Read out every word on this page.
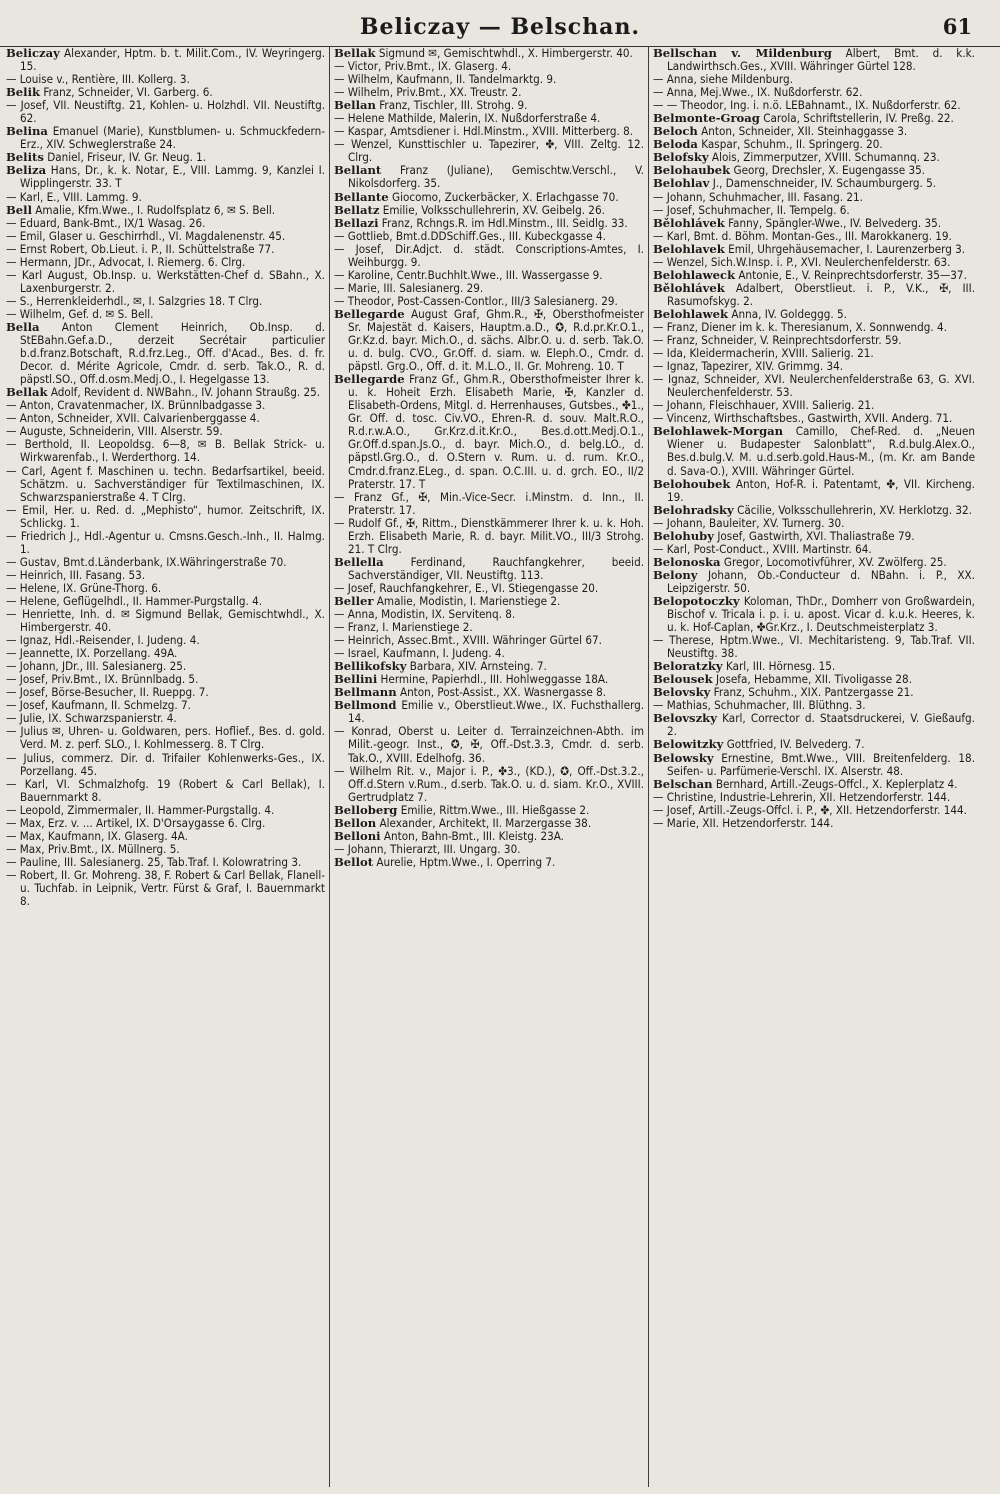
Beliczay — Belschan.	61

Beliczay Alexander, Hptm. b. t. Milit.Com., IV. Weyringerg. 15.

— Louise v., Rentière, III. Kollerg. 3.

Belik Franz, Schneider, VI. Garberg. 6.

— Josef, VII. Neustiftg. 21, Kohlen- u. Holzhdl. VII. Neustiftg. 62.

Belina Emanuel (Marie), Kunstblumen- u. Schmuckfedern-Erz., XIV. Schweglerstraße 24.

Belits Daniel, Friseur, IV. Gr. Neug. 1.

Beliza Hans, Dr., k. k. Notar, E., VIII. Lammg. 9, Kanzlei I. Wipplingerstr. 33. T

— Karl, E., VIII. Lammg. 9.

Bell Amalie, Kfm.Wwe., I. Rudolfsplatz 6, ✉ S. Bell.

— Eduard, Bank-Bmt., IX/1 Wasag. 26.

— Emil, Glaser u. Geschirrhdl., VI. Magdalenenstr. 45.

— Ernst Robert, Ob.Lieut. i. P., II. Schüttelstraße 77.

— Hermann, JDr., Advocat, I. Riemerg. 6. Clrg.

— Karl August, Ob.Insp. u. Werkstätten-Chef d. SBahn., X. Laxenburgerstr. 2.

— S., Herrenkleiderhdl., ✉, I. Salzgries 18. T Clrg.

— Wilhelm, Gef. d. ✉ S. Bell.

Bella Anton Clement Heinrich, Ob.Insp. d. StEBahn.Gef.a.D., derzeit Secrétair particulier b.d.franz.Botschaft, R.d.frz.Leg., Off. d'Acad., Bes. d. fr. Decor. d. Mérite Agricole, Cmdr. d. serb. Tak.O., R. d. päpstl.SO., Off.d.osm.Medj.O., I. Hegelgasse 13.

Bellak Adolf, Revident d. NWBahn., IV. Johann Straußg. 25.

— Anton, Cravatenmacher, IX. Brünnlbadgasse 3.

— Anton, Schneider, XVII. Calvarienberggasse 4.

— Auguste, Schneiderin, VIII. Alserstr. 59.

— Berthold, II. Leopoldsg. 6—8, ✉ B. Bellak Strick- u. Wirkwarenfab., I. Werderthorg. 14.

— Carl, Agent f. Maschinen u. techn. Bedarfsartikel, beeid. Schätzm. u. Sachverständiger für Textilmaschinen, IX. Schwarzspanierstraße 4. T Clrg.

— Emil, Her. u. Red. d. „Mephisto“, humor. Zeitschrift, IX. Schlickg. 1.

— Friedrich J., Hdl.-Agentur u. Cmsns.Gesch.-Inh., II. Halmg. 1.

— Gustav, Bmt.d.Länderbank, IX.Währingerstraße 70.

— Heinrich, III. Fasang. 53.

— Helene, IX. Grüne-Thorg. 6.

— Helene, Geflügelhdl., II. Hammer-Purgstallg. 4.

— Henriette, Inh. d. ✉ Sigmund Bellak, Gemischtwhdl., X. Himbergerstr. 40.

— Ignaz, Hdl.-Reisender, I. Judeng. 4.

— Jeannette, IX. Porzellang. 49A.

— Johann, JDr., III. Salesianerg. 25.

— Josef, Priv.Bmt., IX. Brünnlbadg. 5.

— Josef, Börse-Besucher, II. Rueppg. 7.

— Josef, Kaufmann, II. Schmelzg. 7.

— Julie, IX. Schwarzspanierstr. 4.

— Julius ✉, Uhren- u. Goldwaren, pers. Hoflief., Bes. d. gold. Verd. M. z. perf. SLO., I. Kohlmesserg. 8. T Clrg.

— Julius, commerz. Dir. d. Trifailer Kohlenwerks-Ges., IX. Porzellang. 45.

— Karl, VI. Schmalzhofg. 19 (Robert & Carl Bellak), I. Bauernmarkt 8.

— Leopold, Zimmermaler, II. Hammer-Purgstallg. 4.

— Max, Erz. v. ... Artikel, IX. D'Orsaygasse 6. Clrg.

— Max, Kaufmann, IX. Glaserg. 4A.

— Max, Priv.Bmt., IX. Müllnerg. 5.

— Pauline, III. Salesianerg. 25, Tab.Traf. I. Kolowratring 3.

— Robert, II. Gr. Mohreng. 38, F. Robert & Carl Bellak, Flanell- u. Tuchfab. in Leipnik, Vertr. Fürst & Graf, I. Bauernmarkt 8.

Bellak Sigmund ✉, Gemischtwhdl., X. Himbergerstr. 40.

— Victor, Priv.Bmt., IX. Glaserg. 4.

— Wilhelm, Kaufmann, II. Tandelmarktg. 9.

— Wilhelm, Priv.Bmt., XX. Treustr. 2.

Bellan Franz, Tischler, III. Strohg. 9.

— Helene Mathilde, Malerin, IX. Nußdorferstraße 4.

— Kaspar, Amtsdiener i. Hdl.Minstm., XVIII. Mitterberg. 8.

— Wenzel, Kunsttischler u. Tapezirer, ✤, VIII. Zeltg. 12. Clrg.

Bellant Franz (Juliane), Gemischtw.Verschl., V. Nikolsdorferg. 35.

Bellante Giocomo, Zuckerbäcker, X. Erlachgasse 70.

Bellatz Emilie, Volksschullehrerin, XV. Geibelg. 26.

Bellazi Franz, Rchngs.R. im Hdl.Minstm., III. Seidlg. 33.

— Gottlieb, Bmt.d.DDSchiff.Ges., III. Kubeckgasse 4.

— Josef, Dir.Adjct. d. städt. Conscriptions-Amtes, I. Weihburgg. 9.

— Karoline, Centr.Buchhlt.Wwe., III. Wassergasse 9.

— Marie, III. Salesianerg. 29.

— Theodor, Post-Cassen-Contlor., III/3 Salesianerg. 29.

Bellegarde August Graf, Ghm.R., ✠, Obersthofmeister Sr. Majestät d. Kaisers, Hauptm.a.D., ✪, R.d.pr.Kr.O.1., Gr.Kz.d. bayr. Mich.O., d. sächs. Albr.O. u. d. serb. Tak.O. u. d. bulg. CVO., Gr.Off. d. siam. w. Eleph.O., Cmdr. d. päpstl. Grg.O., Off. d. it. M.L.O., II. Gr. Mohreng. 10. T

Bellegarde Franz Gf., Ghm.R., Obersthofmeister Ihrer k. u. k. Hoheit Erzh. Elisabeth Marie, ✠, Kanzler d. Elisabeth-Ordens, Mitgl. d. Herrenhauses, Gutsbes., ✤1., Gr. Off. d. tosc. Civ.VO., Ehren-R. d. souv. Malt.R.O., R.d.r.w.A.O., Gr.Krz.d.it.Kr.O., Bes.d.ott.Medj.O.1., Gr.Off.d.span.Js.O., d. bayr. Mich.O., d. belg.LO., d. päpstl.Grg.O., d. O.Stern v. Rum. u. d. rum. Kr.O., Cmdr.d.franz.ELeg., d. span. O.C.III. u. d. grch. EO., II/2 Praterstr. 17. T

— Franz Gf., ✠, Min.-Vice-Secr. i.Minstm. d. Inn., II. Praterstr. 17.

— Rudolf Gf., ✠, Rittm., Dienstkämmerer Ihrer k. u. k. Hoh. Erzh. Elisabeth Marie, R. d. bayr. Milit.VO., III/3 Strohg. 21. T Clrg.

Bellella Ferdinand, Rauchfangkehrer, beeid. Sachverständiger, VII. Neustiftg. 113.

— Josef, Rauchfangkehrer, E., VI. Stiegengasse 20.

Beller Amalie, Modistin, I. Marienstiege 2.

— Anna, Modistin, IX. Servitenq. 8.

— Franz, I. Marienstiege 2.

— Heinrich, Assec.Bmt., XVIII. Währinger Gürtel 67.

— Israel, Kaufmann, I. Judeng. 4.

Bellikofsky Barbara, XIV. Arnsteing. 7.

Bellini Hermine, Papierhdl., III. Hohlweggasse 18A.

Bellmann Anton, Post-Assist., XX. Wasnergasse 8.

Bellmond Emilie v., Oberstlieut.Wwe., IX. Fuchsthallerg. 14.

— Konrad, Oberst u. Leiter d. Terrainzeichnen-Abth. im Milit.-geogr. Inst., ✪, ✠, Off.-Dst.3.3, Cmdr. d. serb. Tak.O., XVIII. Edelhofg. 36.

— Wilhelm Rit. v., Major i. P., ✤3., (KD.), ✪, Off.-Dst.3.2., Off.d.Stern v.Rum., d.serb. Tak.O. u. d. siam. Kr.O., XVIII. Gertrudplatz 7.

Belloberg Emilie, Rittm.Wwe., III. Hießgasse 2.

Bellon Alexander, Architekt, II. Marzergasse 38.

Belloni Anton, Bahn-Bmt., III. Kleistg. 23A.

— Johann, Thierarzt, III. Ungarg. 30.

Bellot Aurelie, Hptm.Wwe., I. Operring 7.

Bellschan v. Mildenburg Albert, Bmt. d. k.k. Landwirthsch.Ges., XVIII. Währinger Gürtel 128.

— Anna, siehe Mildenburg.

— Anna, Mej.Wwe., IX. Nußdorferstr. 62.

— — Theodor, Ing. i. n.ö. LEBahnamt., IX. Nußdorferstr. 62.

Belmonte-Groag Carola, Schriftstellerin, IV. Preßg. 22.

Beloch Anton, Schneider, XII. Steinhaggasse 3.

Beloda Kaspar, Schuhm., II. Springerg. 20.

Belofsky Alois, Zimmerputzer, XVIII. Schumannq. 23.

Belohaubek Georg, Drechsler, X. Eugengasse 35.

Belohlav J., Damenschneider, IV. Schaumburgerg. 5.

— Johann, Schuhmacher, III. Fasang. 21.

— Josef, Schuhmacher, II. Tempelg. 6.

Bělohlávek Fanny, Spängler-Wwe., IV. Belvederg. 35.

— Karl, Bmt. d. Böhm. Montan-Ges., III. Marokkanerg. 19.

Belohlavek Emil, Uhrgehäusemacher, I. Laurenzerberg 3.

— Wenzel, Sich.W.Insp. i. P., XVI. Neulerchenfelderstr. 63.

Belohlaweck Antonie, E., V. Reinprechtsdorferstr. 35—37.

Bělohlávek Adalbert, Oberstlieut. i. P., V.K., ✠, III. Rasumofskyg. 2.

Belohlawek Anna, IV. Goldeggg. 5.

— Franz, Diener im k. k. Theresianum, X. Sonnwendg. 4.

— Franz, Schneider, V. Reinprechtsdorferstr. 59.

— Ida, Kleidermacherin, XVIII. Salierig. 21.

— Ignaz, Tapezirer, XIV. Grimmg. 34.

— Ignaz, Schneider, XVI. Neulerchenfelderstraße 63, G. XVI. Neulerchenfelderstr. 53.

— Johann, Fleischhauer, XVIII. Salierig. 21.

— Vincenz, Wirthschaftsbes., Gastwirth, XVII. Anderg. 71.

Belohlawek-Morgan Camillo, Chef-Red. d. „Neuen Wiener u. Budapester Salonblatt“, R.d.bulg.Alex.O., Bes.d.bulg.V. M. u.d.serb.gold.Haus-M., (m. Kr. am Bande d. Sava-O.), XVIII. Währinger Gürtel.

Belohoubek Anton, Hof-R. i. Patentamt, ✤, VII. Kircheng. 19.

Belohradsky Cäcilie, Volksschullehrerin, XV. Herklotzg. 32.

— Johann, Bauleiter, XV. Turnerg. 30.

Belohuby Josef, Gastwirth, XVI. Thaliastraße 79.

— Karl, Post-Conduct., XVIII. Martinstr. 64.

Belonoska Gregor, Locomotivführer, XV. Zwölferg. 25.

Belony Johann, Ob.-Conducteur d. NBahn. i. P., XX. Leipzigerstr. 50.

Belopotoczky Koloman, ThDr., Domherr von Großwardein, Bischof v. Tricala i. p. i. u. apost. Vicar d. k.u.k. Heeres, k. u. k. Hof-Caplan, ✤Gr.Krz., I. Deutschmeisterplatz 3.

— Therese, Hptm.Wwe., VI. Mechitaristeng. 9, Tab.Traf. VII. Neustiftg. 38.

Beloratzky Karl, III. Hörnesg. 15.

Belousek Josefa, Hebamme, XII. Tivoligasse 28.

Belovsky Franz, Schuhm., XIX. Pantzergasse 21.

— Mathias, Schuhmacher, III. Blüthng. 3.

Belovszky Karl, Corrector d. Staatsdruckerei, V. Gießaufg. 2.

Belowitzky Gottfried, IV. Belvederg. 7.

Belowsky Ernestine, Bmt.Wwe., VIII. Breitenfelderg. 18. Seifen- u. Parfümerie-Verschl. IX. Alserstr. 48.

Belschan Bernhard, Artill.-Zeugs-Offcl., X. Keplerplatz 4.

— Christine, Industrie-Lehrerin, XII. Hetzendorferstr. 144.

— Josef, Artill.-Zeugs-Offcl. i. P., ✤, XII. Hetzendorferstr. 144.

— Marie, XII. Hetzendorferstr. 144.
